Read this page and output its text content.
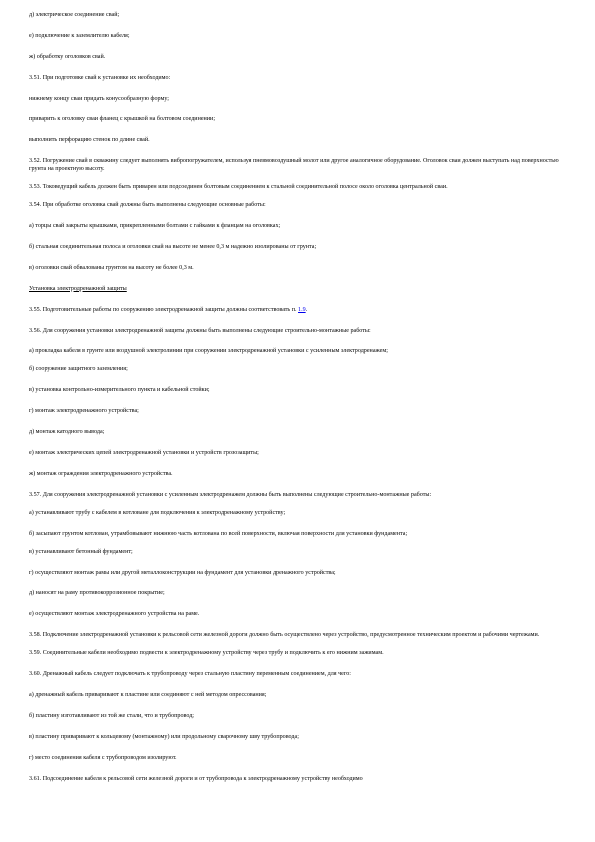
д) электрическое соединение свай;

е) подключение к заземлителю кабеля;

ж) обработку оголовков свай.

3.51. При подготовке свай к установке их необходимо:

нижнему концу сваи придать конусообразную форму;

приварить к оголовку сваи фланец с крышкой на болтовом соединении;

выполнить перфорацию стенок по длине свай.

3.52. Погружение свай в скважину следует выполнять вибропогружателем, используя пневмовоздушный молот или другое аналогичное оборудование. Оголовок сваи должен выступать над поверхностью грунта на проектную высоту.

3.53. Токоведущий кабель должен быть приварен или подсоединен болтовым соединением к стальной соединительной полосе около оголовка центральной сваи.

3.54. При обработке оголовка свай должны быть выполнены следующие основные работы:

а) торцы свай закрыты крышками, прикрепленными болтами с гайками к фланцам на оголовках;

б) стальная соединительная полоса и оголовки свай на высоте не менее 0,3 м надежно изолированы от грунта;

в) оголовки свай обвалованы грунтом на высоту не более 0,3 м.

Установка электродренажной защиты

3.55. Подготовительные работы по сооружению электродренажной защиты должны соответствовать п. 1.9.

3.56. Для сооружения установки электродренажной защиты должны быть выполнены следующие строительно-монтажные работы:

а) прокладка кабеля в грунте или воздушной электролинии при сооружении электродренажной установки с усиленным электродренажем;

б) сооружение защитного заземления;

в) установка контрольно-измерительного пункта и кабельной стойки;

г) монтаж электродренажного устройства;

д) монтаж катодного вывода;

е) монтаж электрических цепей электродренажной установки и устройств грозозащиты;

ж) монтаж ограждения электродренажного устройства.

3.57. Для сооружения электродренажной установки с усиленным электродренажем должны быть выполнены следующие строительно-монтажные работы:

а) устанавливают трубу с кабелем в котловане для подключения к электродренажному устройству;

б) засыпают грунтом котлован, утрамбовывают нижнюю часть котлована по всей поверхности, включая поверхности для установки фундамента;

в) устанавливают бетонный фундамент;

г) осуществляют монтаж рамы или другой металлоконструкции на фундамент для установки дренажного устройства;

д) наносят на раму противокоррозионное покрытие;

е) осуществляют монтаж электродренажного устройства на раме.

3.58. Подключение электродренажной установки к рельсовой сети железной дороги должно быть осуществлено через устройство, предусмотренное техническим проектом и рабочими чертежами.

3.59. Соединительные кабели необходимо подвести к электродренажному устройству через трубу и подключить к его нижним зажимам.

3.60. Дренажный кабель следует подключать к трубопроводу через стальную пластину переменным соединением, для чего:

а) дренажный кабель приваривают к пластине или соединяют с ней методом опрессования;

б) пластину изготавливают из той же стали, что и трубопровод;

в) пластину приваривают к кольцевому (монтажному) или продольному сварочному шву трубопровода;

г) место соединения кабеля с трубопроводом изолируют.

3.61. Подсоединение кабеля к рельсовой сети железной дороги и от трубопровода к электродренажному устройству необходимо
